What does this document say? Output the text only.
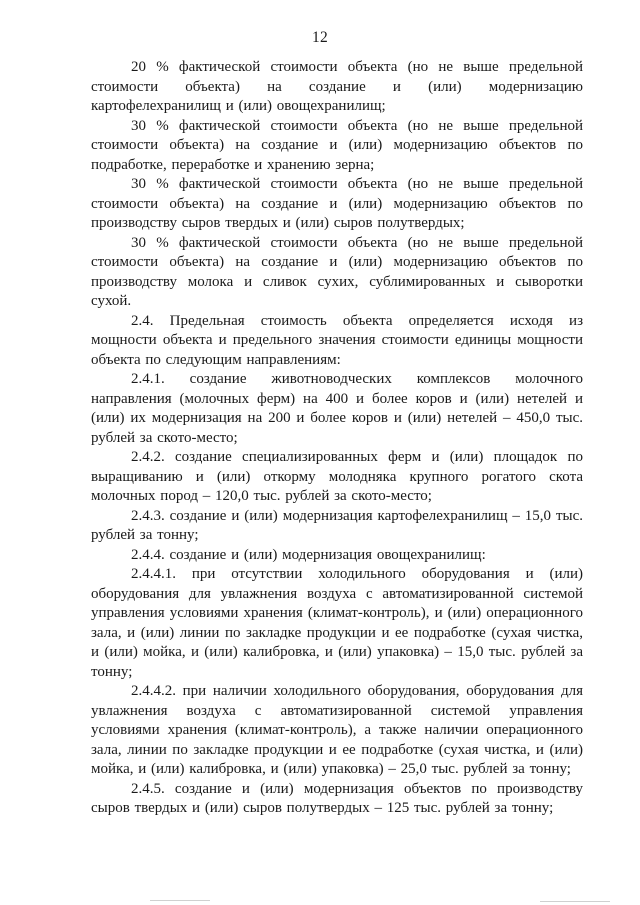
12

20 % фактической стоимости объекта (но не выше предельной стоимости объекта) на создание и (или) модернизацию картофелехранилищ и (или) овощехранилищ;

30 % фактической стоимости объекта (но не выше предельной стоимости объекта) на создание и (или) модернизацию объектов по подработке, переработке и хранению зерна;

30 % фактической стоимости объекта (но не выше предельной стоимости объекта) на создание и (или) модернизацию объектов по производству сыров твердых и (или) сыров полутвердых;

30 % фактической стоимости объекта (но не выше предельной стоимости объекта) на создание и (или) модернизацию объектов по производству молока и сливок сухих, сублимированных и сыворотки сухой.

2.4. Предельная стоимость объекта определяется исходя из мощности объекта и предельного значения стоимости единицы мощности объекта по следующим направлениям:

2.4.1. создание животноводческих комплексов молочного направления (молочных ферм) на 400 и более коров и (или) нетелей и (или) их модернизация на 200 и более коров и (или) нетелей – 450,0 тыс. рублей за ското-место;

2.4.2. создание специализированных ферм и (или) площадок по выращиванию и (или) откорму молодняка крупного рогатого скота молочных пород – 120,0 тыс. рублей за ското-место;

2.4.3. создание и (или) модернизация картофелехранилищ – 15,0 тыс. рублей за тонну;

2.4.4. создание и (или) модернизация овощехранилищ:

2.4.4.1. при отсутствии холодильного оборудования и (или) оборудования для увлажнения воздуха с автоматизированной системой управления условиями хранения (климат-контроль), и (или) операционного зала, и (или) линии по закладке продукции и ее подработке (сухая чистка, и (или) мойка, и (или) калибровка, и (или) упаковка) – 15,0 тыс. рублей за тонну;

2.4.4.2. при наличии холодильного оборудования, оборудования для увлажнения воздуха с автоматизированной системой управления условиями хранения (климат-контроль), а также наличии операционного зала, линии по закладке продукции и ее подработке (сухая чистка, и (или) мойка, и (или) калибровка, и (или) упаковка) – 25,0 тыс. рублей за тонну;

2.4.5. создание и (или) модернизация объектов по производству сыров твердых и (или) сыров полутвердых – 125 тыс. рублей за тонну;
